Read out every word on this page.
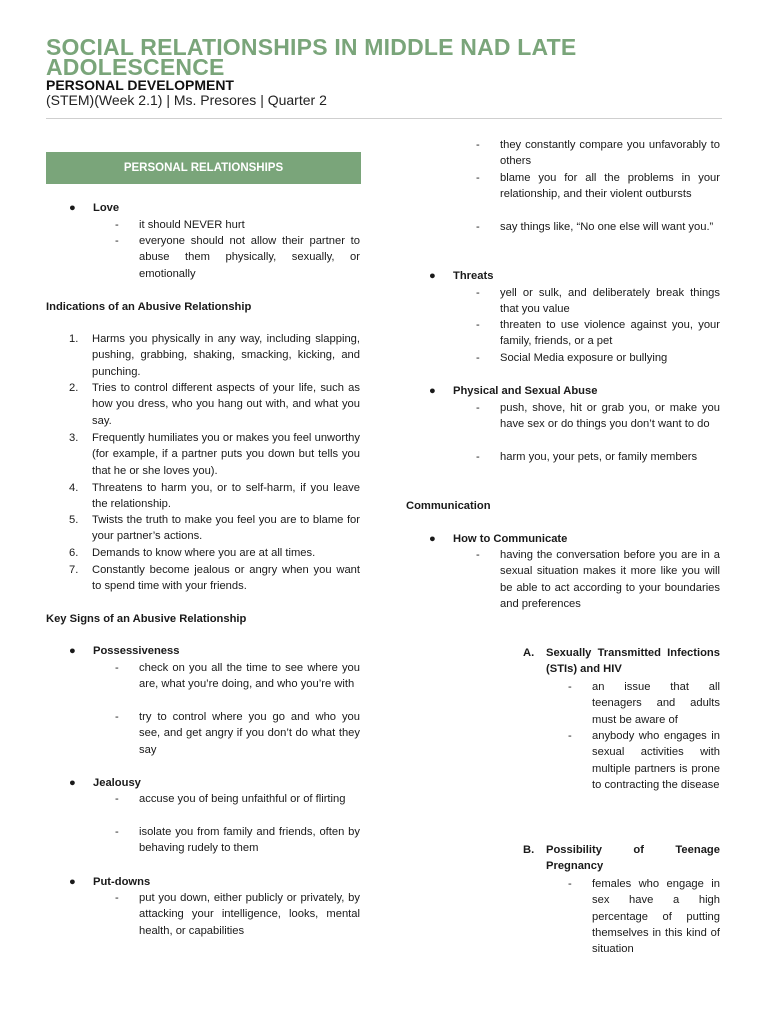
SOCIAL RELATIONSHIPS IN MIDDLE NAD LATE ADOLESCENCE
PERSONAL DEVELOPMENT
(STEM)(Week 2.1) | Ms. Presores | Quarter 2
PERSONAL RELATIONSHIPS
● Love
- it should NEVER hurt
- everyone should not allow their partner to abuse them physically, sexually, or emotionally
Indications of an Abusive Relationship
1. Harms you physically in any way, including slapping, pushing, grabbing, shaking, smacking, kicking, and punching.
2. Tries to control different aspects of your life, such as how you dress, who you hang out with, and what you say.
3. Frequently humiliates you or makes you feel unworthy (for example, if a partner puts you down but tells you that he or she loves you).
4. Threatens to harm you, or to self-harm, if you leave the relationship.
5. Twists the truth to make you feel you are to blame for your partner’s actions.
6. Demands to know where you are at all times.
7. Constantly become jealous or angry when you want to spend time with your friends.
Key Signs of an Abusive Relationship
● Possessiveness
- check on you all the time to see where you are, what you’re doing, and who you’re with
- try to control where you go and who you see, and get angry if you don’t do what they say
● Jealousy
- accuse you of being unfaithful or of flirting
- isolate you from family and friends, often by behaving rudely to them
● Put-downs
- put you down, either publicly or privately, by attacking your intelligence, looks, mental health, or capabilities
- they constantly compare you unfavorably to others
- blame you for all the problems in your relationship, and their violent outbursts
- say things like, “No one else will want you.”
● Threats
- yell or sulk, and deliberately break things that you value
- threaten to use violence against you, your family, friends, or a pet
- Social Media exposure or bullying
● Physical and Sexual Abuse
- push, shove, hit or grab you, or make you have sex or do things you don’t want to do
- harm you, your pets, or family members
Communication
● How to Communicate
- having the conversation before you are in a sexual situation makes it more like you will be able to act according to your boundaries and preferences
A. Sexually Transmitted Infections (STIs) and HIV
- an issue that all teenagers and adults must be aware of
- anybody who engages in sexual activities with multiple partners is prone to contracting the disease
B. Possibility of Teenage Pregnancy
- females who engage in sex have a high percentage of putting themselves in this kind of situation
